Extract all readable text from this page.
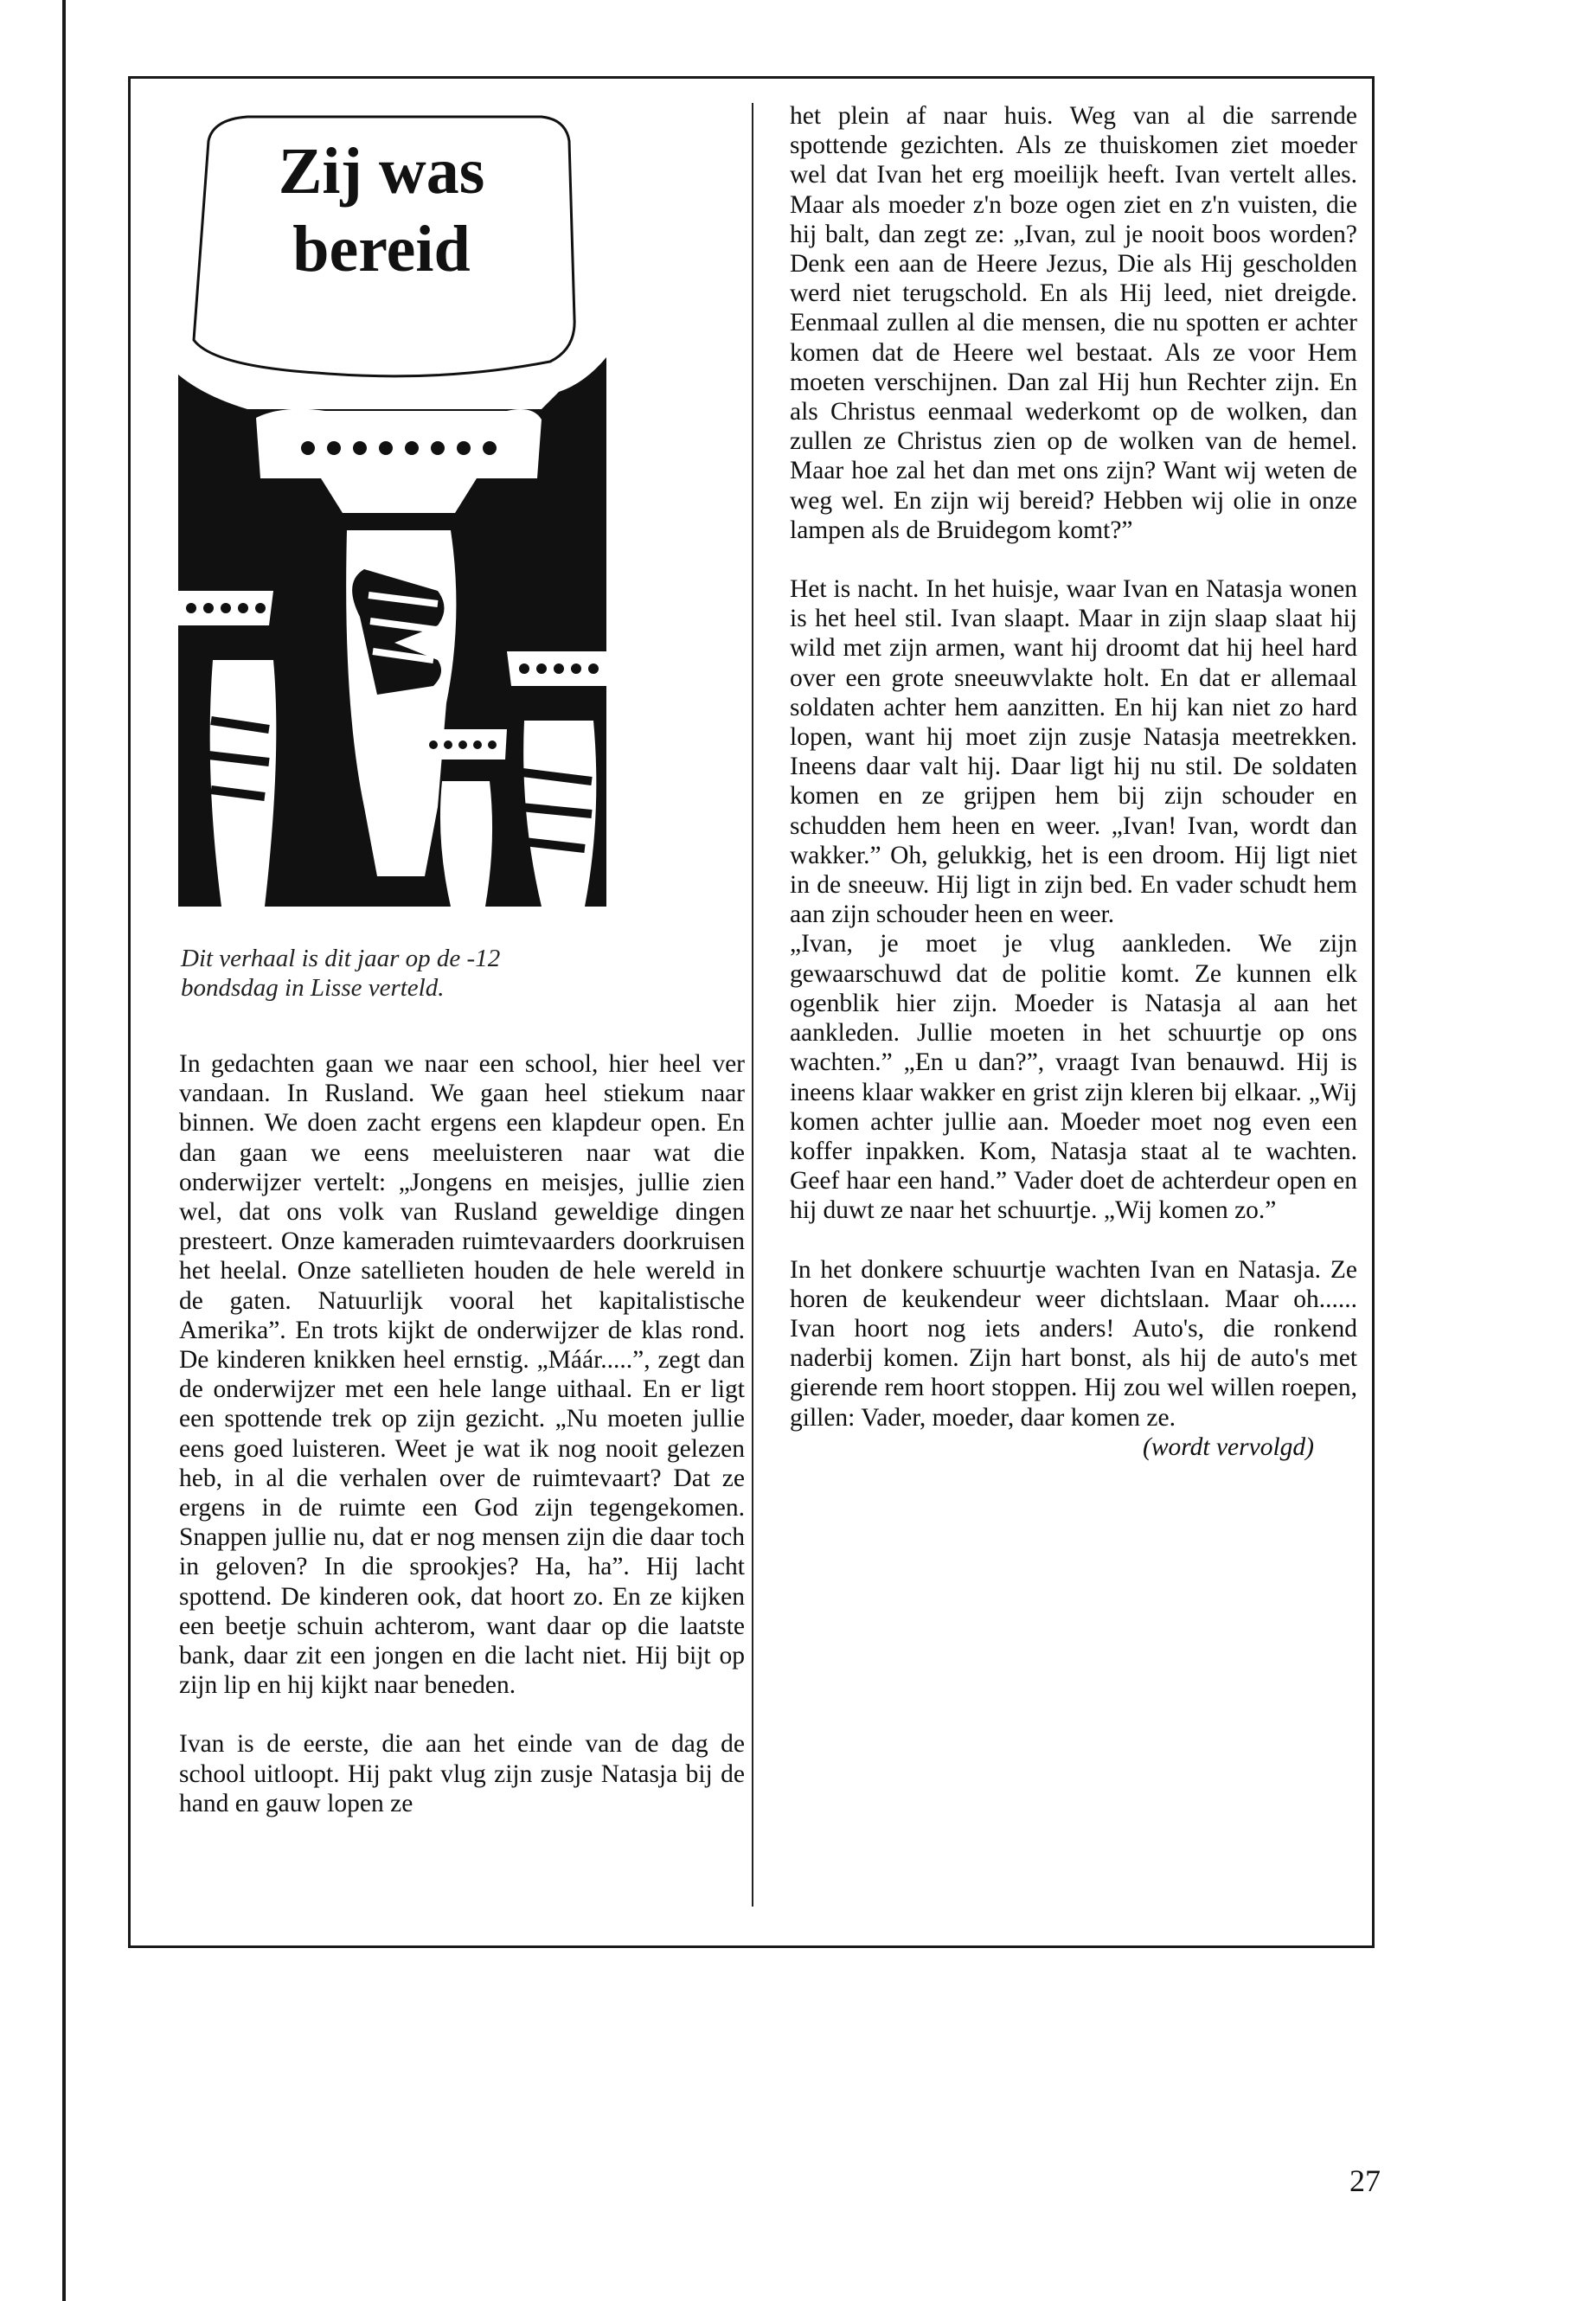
Zij was
bereid

Dit verhaal is dit jaar op de -12

bondsdag in Lisse verteld.

In gedachten gaan we naar een school, hier heel ver vandaan. In Rusland. We gaan heel stiekum naar binnen. We doen zacht ergens een klapdeur open. En dan gaan we eens meeluisteren naar wat die onderwijzer vertelt: „Jongens en meisjes, jullie zien wel, dat ons volk van Rusland geweldige dingen presteert. Onze kameraden ruimtevaarders doorkruisen het heelal. Onze satellieten houden de hele wereld in de gaten. Natuurlijk vooral het kapitalistische Amerika”. En trots kijkt de onderwijzer de klas rond. De kinderen knikken heel ernstig. „Máár.....”, zegt dan de onderwijzer met een hele lange uithaal. En er ligt een spottende trek op zijn gezicht. „Nu moeten jullie eens goed luisteren. Weet je wat ik nog nooit gelezen heb, in al die verhalen over de ruimtevaart? Dat ze ergens in de ruimte een God zijn tegengekomen. Snappen jullie nu, dat er nog mensen zijn die daar toch in geloven? In die sprookjes? Ha, ha”. Hij lacht spottend. De kinderen ook, dat hoort zo. En ze kijken een beetje schuin achterom, want daar op die laatste bank, daar zit een jongen en die lacht niet. Hij bijt op zijn lip en hij kijkt naar beneden.

Ivan is de eerste, die aan het einde van de dag de school uitloopt. Hij pakt vlug zijn zusje Natasja bij de hand en gauw lopen ze

het plein af naar huis. Weg van al die sarrende spottende gezichten. Als ze thuiskomen ziet moeder wel dat Ivan het erg moeilijk heeft. Ivan vertelt alles. Maar als moeder z'n boze ogen ziet en z'n vuisten, die hij balt, dan zegt ze: „Ivan, zul je nooit boos worden? Denk een aan de Heere Jezus, Die als Hij gescholden werd niet terugschold. En als Hij leed, niet dreigde. Eenmaal zullen al die mensen, die nu spotten er achter komen dat de Heere wel bestaat. Als ze voor Hem moeten verschijnen. Dan zal Hij hun Rechter zijn. En als Christus eenmaal wederkomt op de wolken, dan zullen ze Christus zien op de wolken van de hemel. Maar hoe zal het dan met ons zijn? Want wij weten de weg wel. En zijn wij bereid? Hebben wij olie in onze lampen als de Bruidegom komt?”

Het is nacht. In het huisje, waar Ivan en Natasja wonen is het heel stil. Ivan slaapt. Maar in zijn slaap slaat hij wild met zijn armen, want hij droomt dat hij heel hard over een grote sneeuwvlakte holt. En dat er allemaal soldaten achter hem aanzitten. En hij kan niet zo hard lopen, want hij moet zijn zusje Natasja meetrekken. Ineens daar valt hij. Daar ligt hij nu stil. De soldaten komen en ze grijpen hem bij zijn schouder en schudden hem heen en weer. „Ivan! Ivan, wordt dan wakker.” Oh, gelukkig, het is een droom. Hij ligt niet in de sneeuw. Hij ligt in zijn bed. En vader schudt hem aan zijn schouder heen en weer.

„Ivan, je moet je vlug aankleden. We zijn gewaarschuwd dat de politie komt. Ze kunnen elk ogenblik hier zijn. Moeder is Natasja al aan het aankleden. Jullie moeten in het schuurtje op ons wachten.” „En u dan?”, vraagt Ivan benauwd. Hij is ineens klaar wakker en grist zijn kleren bij elkaar. „Wij komen achter jullie aan. Moeder moet nog even een koffer inpakken. Kom, Natasja staat al te wachten. Geef haar een hand.” Vader doet de achterdeur open en hij duwt ze naar het schuurtje. „Wij komen zo.”

In het donkere schuurtje wachten Ivan en Natasja. Ze horen de keukendeur weer dichtslaan. Maar oh...... Ivan hoort nog iets anders! Auto's, die ronkend naderbij komen. Zijn hart bonst, als hij de auto's met gierende rem hoort stoppen. Hij zou wel willen roepen, gillen: Vader, moeder, daar komen ze.

(wordt vervolgd)

27
